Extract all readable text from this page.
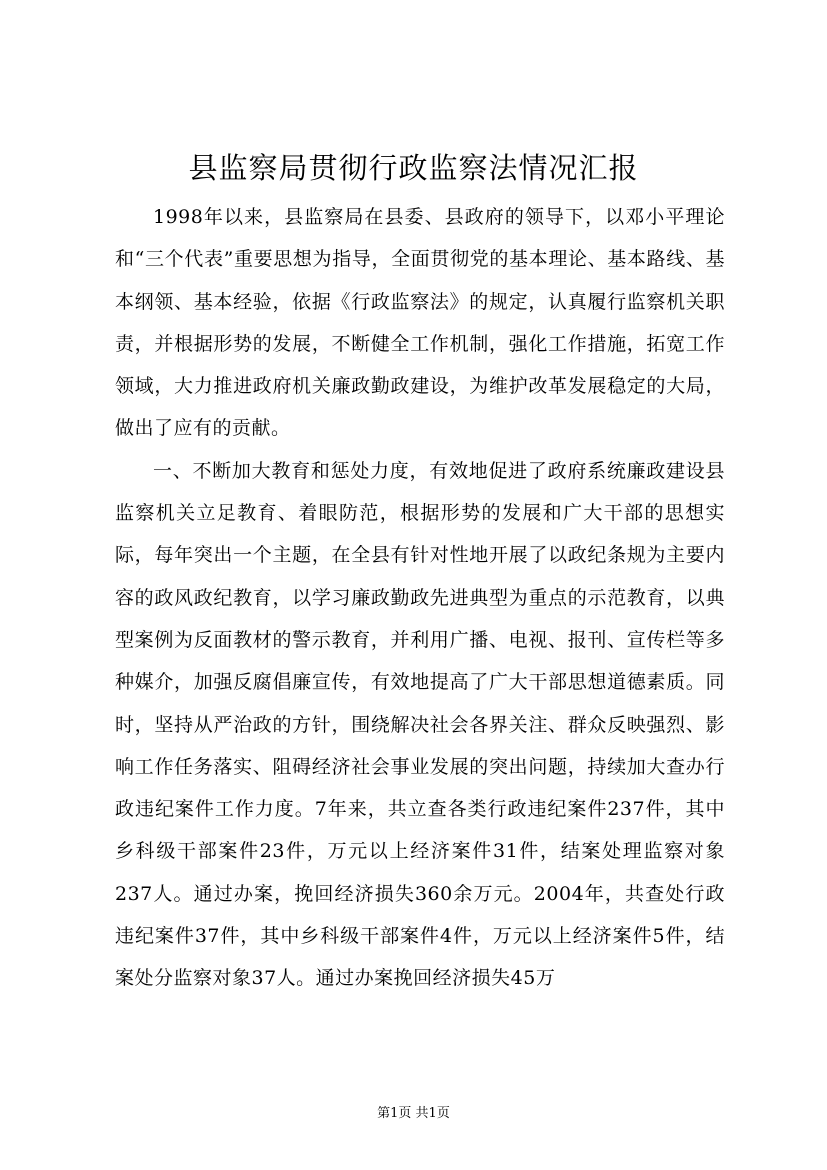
县监察局贯彻行政监察法情况汇报

1998年以来，县监察局在县委、县政府的领导下，以邓小平理论和“三个代表”重要思想为指导，全面贯彻党的基本理论、基本路线、基本纲领、基本经验，依据《行政监察法》的规定，认真履行监察机关职责，并根据形势的发展，不断健全工作机制，强化工作措施，拓宽工作领域，大力推进政府机关廉政勤政建设，为维护改革发展稳定的大局，做出了应有的贡献。

一、不断加大教育和惩处力度，有效地促进了政府系统廉政建设县监察机关立足教育、着眼防范，根据形势的发展和广大干部的思想实际，每年突出一个主题，在全县有针对性地开展了以政纪条规为主要内容的政风政纪教育，以学习廉政勤政先进典型为重点的示范教育，以典型案例为反面教材的警示教育，并利用广播、电视、报刊、宣传栏等多种媒介，加强反腐倡廉宣传，有效地提高了广大干部思想道德素质。同时，坚持从严治政的方针，围绕解决社会各界关注、群众反映强烈、影响工作任务落实、阻碍经济社会事业发展的突出问题，持续加大查办行政违纪案件工作力度。7年来，共立查各类行政违纪案件237件，其中乡科级干部案件23件，万元以上经济案件31件，结案处理监察对象237人。通过办案，挽回经济损失360余万元。2004年，共查处行政违纪案件37件，其中乡科级干部案件4件，万元以上经济案件5件，结案处分监察对象37人。通过办案挽回经济损失45万

第1页 共1页
